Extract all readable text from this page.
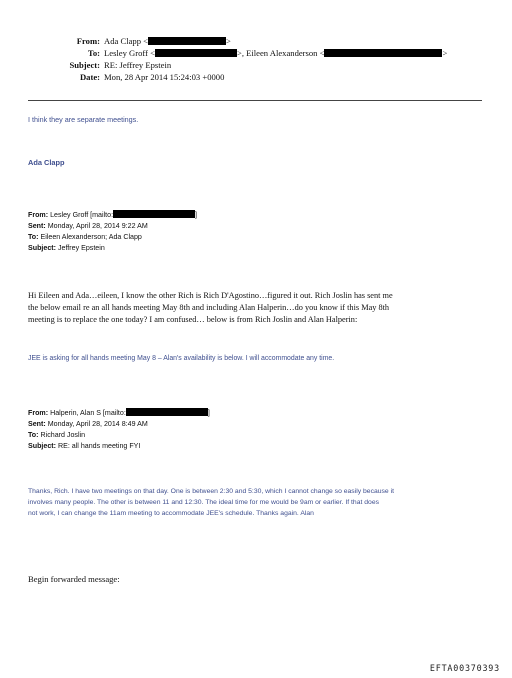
From: Ada Clapp <	>
To: Lesley Groff <	>, Eileen Alexanderson <	>
Subject: RE: Jeffrey Epstein
Date: Mon, 28 Apr 2014 15:24:03 +0000
I think they are separate meetings.
Ada Clapp
From: Lesley Groff [mailto:	]
Sent: Monday, April 28, 2014 9:22 AM
To: Eileen Alexanderson; Ada Clapp
Subject: Jeffrey Epstein
Hi Eileen and Ada…eileen, I know the other Rich is Rich D'Agostino…figured it out. Rich Joslin has sent me
the below email re an all hands meeting May 8th and including Alan Halperin…do you know if this May 8th
meeting is to replace the one today? I am confused… below is from Rich Joslin and Alan Halperin:
JEE is asking for all hands meeting May 8 – Alan's availability is below. I will accommodate any time.
From: Halperin, Alan S [mailto:	]
Sent: Monday, April 28, 2014 8:49 AM
To: Richard Joslin
Subject: RE: all hands meeting FYI
Thanks, Rich. I have two meetings on that day. One is between 2:30 and 5:30, which I cannot change so easily because it
involves many people. The other is between 11 and 12:30. The ideal time for me would be 9am or earlier. If that does
not work, I can change the 11am meeting to accommodate JEE's schedule. Thanks again. Alan
Begin forwarded message:
EFTA00370393
